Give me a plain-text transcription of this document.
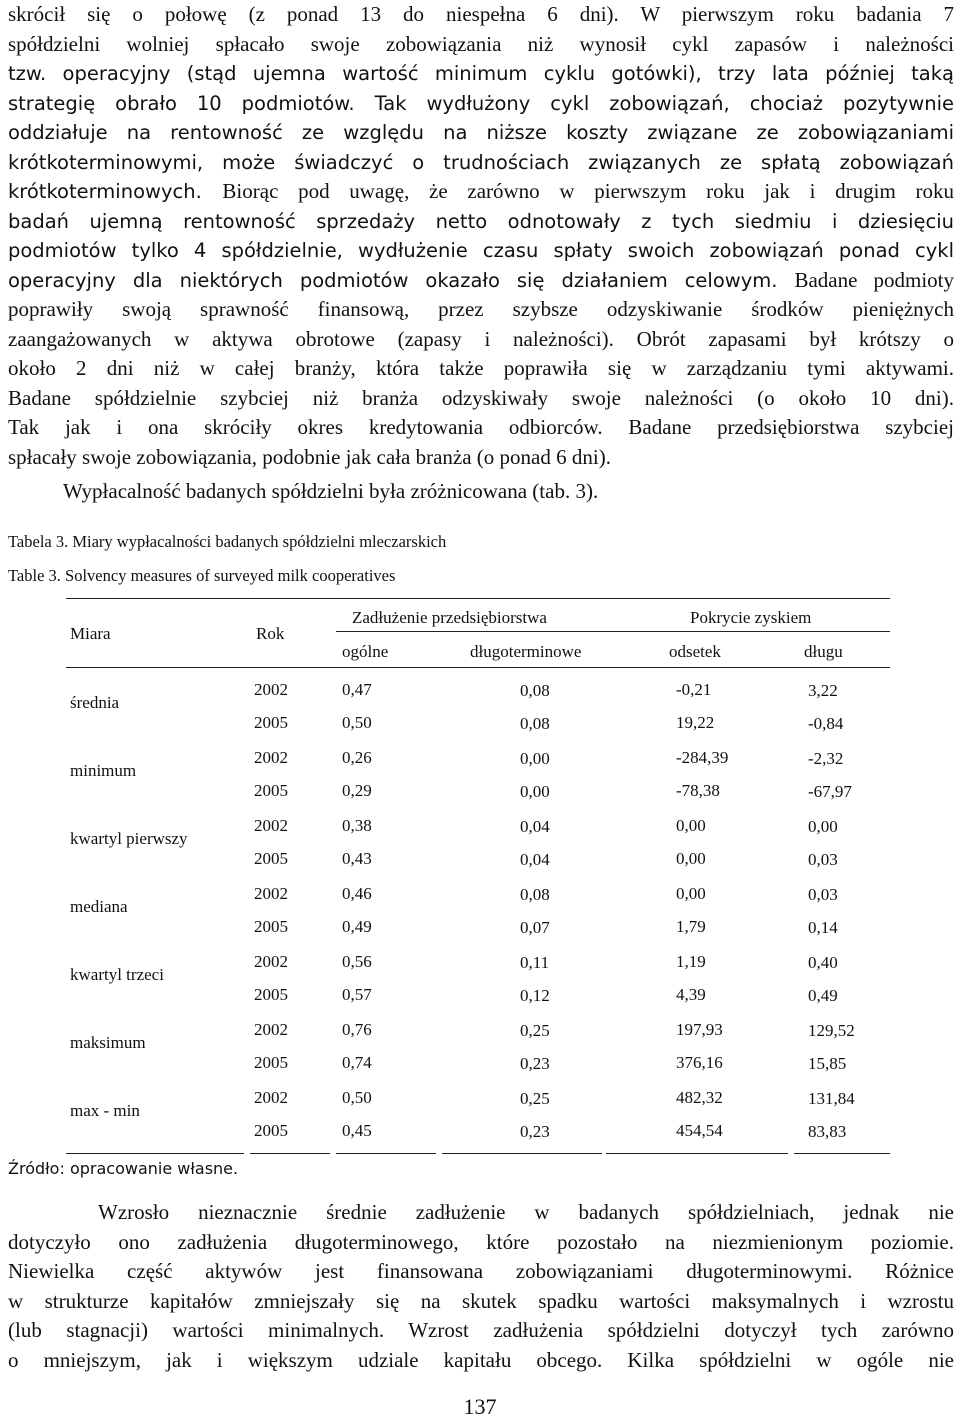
skrócił się o połowę (z ponad 13 do niespełna 6 dni). W pierwszym roku badania 7
spółdzielni wolniej spłacało swoje zobowiązania niż wynosił cykl zapasów i należności
tzw. operacyjny (stąd ujemna wartość minimum cyklu gotówki), trzy lata później taką
strategię obrało 10 podmiotów. Tak wydłużony cykl zobowiązań, chociaż pozytywnie
oddziałuje na rentowność ze względu na niższe koszty związane ze zobowiązaniami
krótkoterminowymi, może świadczyć o trudnościach związanych ze spłatą zobowiązań
krótkoterminowych. Biorąc pod uwagę, że zarówno w pierwszym roku jak i drugim roku
badań ujemną rentowność sprzedaży netto odnotowały z tych siedmiu i dziesięciu
podmiotów tylko 4 spółdzielnie, wydłużenie czasu spłaty swoich zobowiązań ponad cykl
operacyjny dla niektórych podmiotów okazało się działaniem celowym. Badane podmioty
poprawiły swoją sprawność finansową, przez szybsze odzyskiwanie środków pieniężnych
zaangażowanych w aktywa obrotowe (zapasy i należności). Obrót zapasami był krótszy o
około 2 dni niż w całej branży, która także poprawiła się w zarządzaniu tymi aktywami.
Badane spółdzielnie szybciej niż branża odzyskiwały swoje należności (o około 10 dni).
Tak jak i ona skróciły okres kredytowania odbiorców. Badane przedsiębiorstwa szybciej
spłacały swoje zobowiązania, podobnie jak cała branża (o ponad 6 dni).
Wypłacalność badanych spółdzielni była zróżnicowana (tab. 3).
Tabela 3. Miary wypłacalności badanych spółdzielni mleczarskich
Table 3. Solvency measures of surveyed milk cooperatives
Miara	Rok
Zadłużenie przedsiębiorstwa	Pokrycie zyskiem
ogólne	długoterminowe	odsetek	długu
średnia
2002	0,47	0,08	-0,21	3,22
2005	0,50	0,08	19,22	-0,84
minimum
2002	0,26	0,00	-284,39	-2,32
2005	0,29	0,00	-78,38	-67,97
kwartyl pierwszy
2002	0,38	0,04	0,00	0,00
2005	0,43	0,04	0,00	0,03
mediana
2002	0,46	0,08	0,00	0,03
2005	0,49	0,07	1,79	0,14
kwartyl trzeci
2002	0,56	0,11	1,19	0,40
2005	0,57	0,12	4,39	0,49
maksimum
2002	0,76	0,25	197,93	129,52
2005	0,74	0,23	376,16	15,85
max - min
2002	0,50	0,25	482,32	131,84
2005	0,45	0,23	454,54	83,83
Źródło: opracowanie własne.
Wzrosło nieznacznie średnie zadłużenie w badanych spółdzielniach, jednak nie
dotyczyło ono zadłużenia długoterminowego, które pozostało na niezmienionym poziomie.
Niewielka część aktywów jest finansowana zobowiązaniami długoterminowymi. Różnice
w strukturze kapitałów zmniejszały się na skutek spadku wartości maksymalnych i wzrostu
(lub stagnacji) wartości minimalnych. Wzrost zadłużenia spółdzielni dotyczył tych zarówno
o mniejszym, jak i większym udziale kapitału obcego. Kilka spółdzielni w ogóle nie
137
